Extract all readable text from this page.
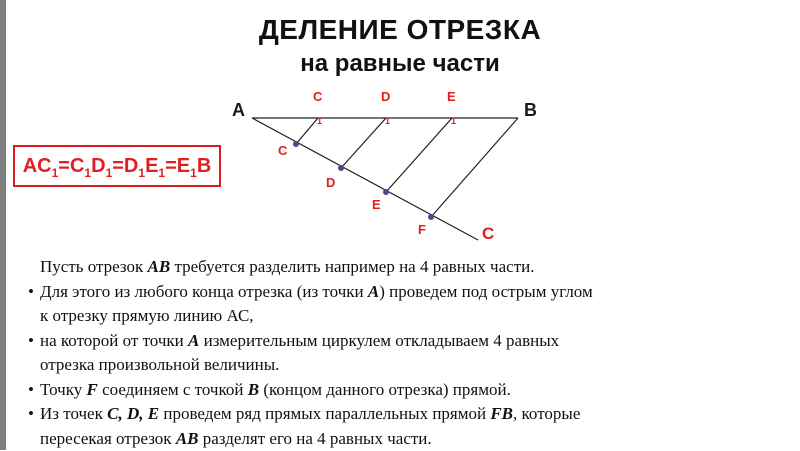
ДЕЛЕНИЕ ОТРЕЗКА
на равные части
A	B
C
1
D
1
E
1
C
D
E
F	C
$AC_1=C_1D_1=D_1E_1=E_1B$

Пусть отрезок АВ требуется разделить например на 4 равных части.

• Для этого из любого конца отрезка (из точки А) проведем под острым углом

к отрезку прямую линию АС,

• на которой от точки А измерительным циркулем откладываем 4 равных

отрезка произвольной величины.

• Точку F соединяем с точкой В (концом данного отрезка) прямой.

• Из точек C, D, E проведем ряд прямых параллельных прямой FB, которые

пересекая отрезок АВ разделят его на 4 равных части.
